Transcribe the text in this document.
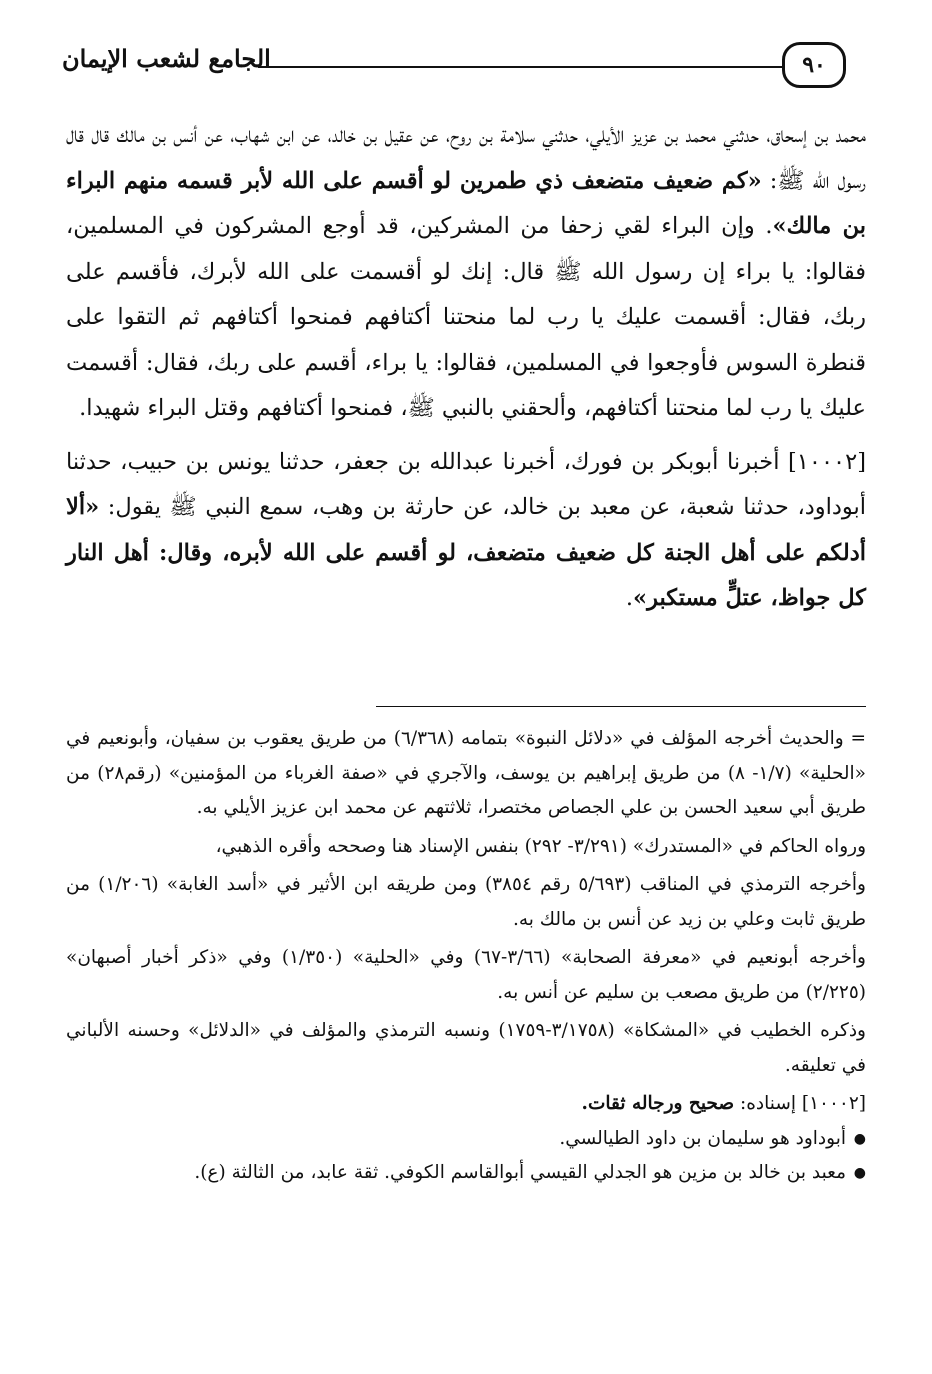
٩٠
الجامع لشعب الإيمان

محمد بن إسحاق، حدثني محمد بن عزيز الأيلي، حدثني سلامة بن روح، عن عقيل بن خالد، عن ابن شهاب، عن أنس بن مالك قال قال رسول الله ﷺ: «كم ضعيف متضعف ذي طمرين لو أقسم على الله لأبر قسمه منهم البراء بن مالك». وإن البراء لقي زحفا من المشركين، قد أوجع المشركون في المسلمين، فقالوا: يا براء إن رسول الله ﷺ قال: إنك لو أقسمت على الله لأبرك، فأقسم على ربك، فقال: أقسمت عليك يا رب لما منحتنا أكتافهم فمنحوا أكتافهم ثم التقوا على قنطرة السوس فأوجعوا في المسلمين، فقالوا: يا براء، أقسم على ربك، فقال: أقسمت عليك يا رب لما منحتنا أكتافهم، وألحقني بالنبي ﷺ، فمنحوا أكتافهم وقتل البراء شهيدا.

[١٠٠٠٢] أخبرنا أبوبكر بن فورك، أخبرنا عبدالله بن جعفر، حدثنا يونس بن حبيب، حدثنا أبوداود، حدثنا شعبة، عن معبد بن خالد، عن حارثة بن وهب، سمع النبي ﷺ يقول: «ألا أدلكم على أهل الجنة كل ضعيف متضعف، لو أقسم على الله لأبره، وقال: أهل النار كل جواظ، عتلٍّ مستكبر».

= والحديث أخرجه المؤلف في «دلائل النبوة» بتمامه (٦/٣٦٨) من طريق يعقوب بن سفيان، وأبونعيم في «الحلية» (١/٧- ٨) من طريق إبراهيم بن يوسف، والآجري في «صفة الغرباء من المؤمنين» (رقم٢٨) من طريق أبي سعيد الحسن بن علي الجصاص مختصرا، ثلاثتهم عن محمد ابن عزيز الأيلي به.

ورواه الحاكم في «المستدرك» (٣/٢٩١- ٢٩٢) بنفس الإسناد هنا وصححه وأقره الذهبي،

وأخرجه الترمذي في المناقب (٥/٦٩٣ رقم ٣٨٥٤) ومن طريقه ابن الأثير في «أسد الغابة» (١/٢٠٦) من طريق ثابت وعلي بن زيد عن أنس بن مالك به.

وأخرجه أبونعيم في «معرفة الصحابة» (٣/٦٦-٦٧) وفي «الحلية» (١/٣٥٠) وفي «ذكر أخبار أصبهان» (٢/٢٢٥) من طريق مصعب بن سليم عن أنس به.

وذكره الخطيب في «المشكاة» (٣/١٧٥٨-١٧٥٩) ونسبه الترمذي والمؤلف في «الدلائل» وحسنه الألباني في تعليقه.

[١٠٠٠٢] إسناده: صحيح ورجاله ثقات.

●
أبوداود هو سليمان بن داود الطيالسي.
●
معبد بن خالد بن مزين هو الجدلي القيسي أبوالقاسم الكوفي. ثقة عابد، من الثالثة (ع).
